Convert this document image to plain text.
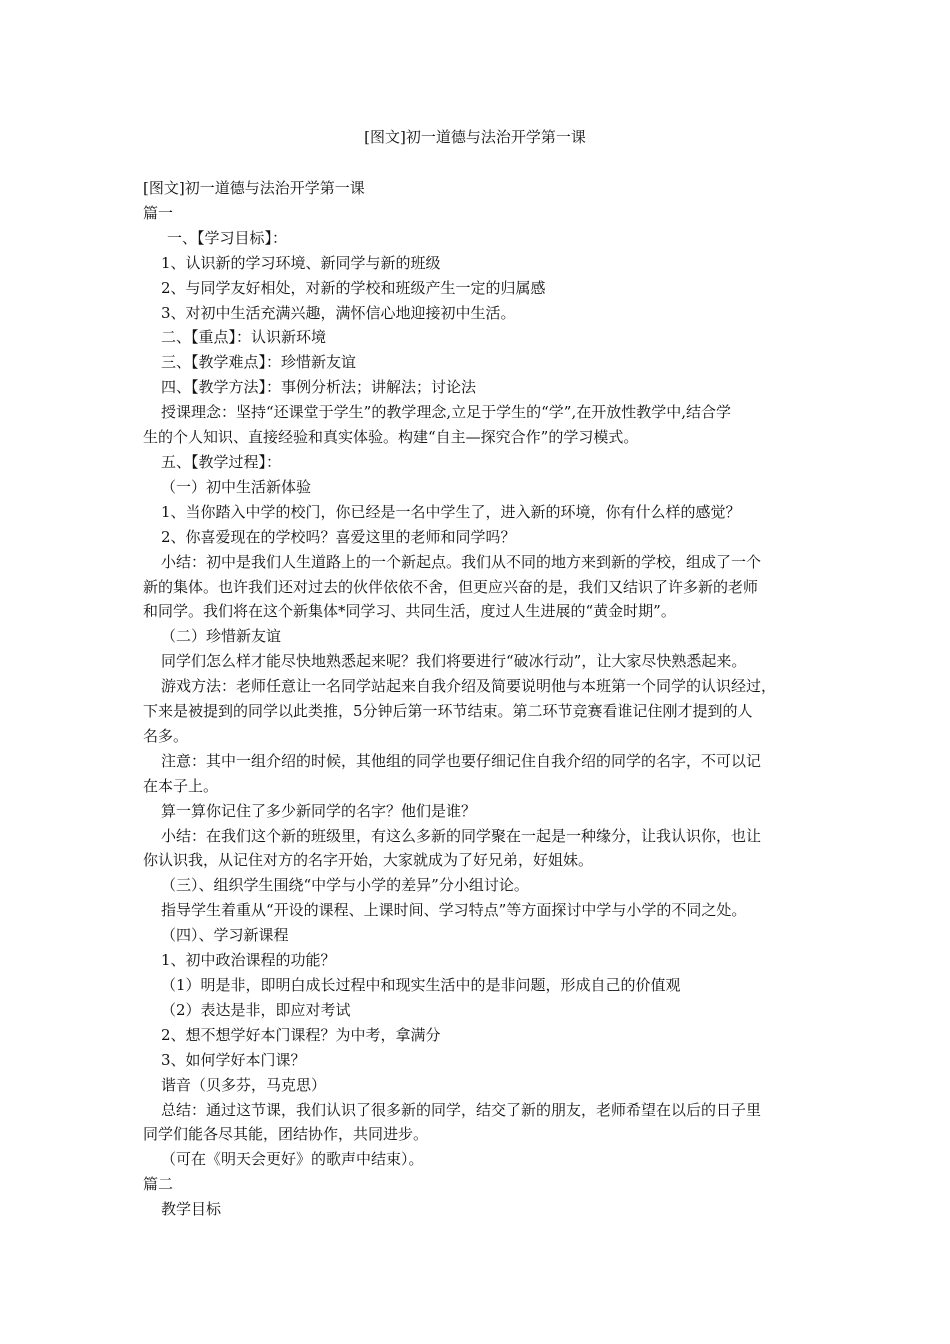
[图文]初一道德与法治开学第一课

[图文]初一道德与法治开学第一课

篇一

一、【学习目标】：

1、认识新的学习环境、新同学与新的班级

2、与同学友好相处，对新的学校和班级产生一定的归属感

3、对初中生活充满兴趣，满怀信心地迎接初中生活。

二、【重点】：认识新环境

三、【教学难点】：珍惜新友谊

四、【教学方法】：事例分析法；讲解法；讨论法

授课理念：坚持“还课堂于学生”的教学理念,立足于学生的“学”,在开放性教学中,结合学

生的个人知识、直接经验和真实体验。构建“自主—探究合作”的学习模式。

五、【教学过程】：

（一）初中生活新体验

1、当你踏入中学的校门，你已经是一名中学生了，进入新的环境，你有什么样的感觉？

2、你喜爱现在的学校吗？喜爱这里的老师和同学吗？

小结：初中是我们人生道路上的一个新起点。我们从不同的地方来到新的学校，组成了一个

新的集体。也许我们还对过去的伙伴依依不舍，但更应兴奋的是，我们又结识了许多新的老师

和同学。我们将在这个新集体*同学习、共同生活，度过人生进展的“黄金时期”。

（二）珍惜新友谊

同学们怎么样才能尽快地熟悉起来呢？我们将要进行“破冰行动”，让大家尽快熟悉起来。

游戏方法：老师任意让一名同学站起来自我介绍及简要说明他与本班第一个同学的认识经过，

下来是被提到的同学以此类推，5分钟后第一环节结束。第二环节竞赛看谁记住刚才提到的人

名多。

注意：其中一组介绍的时候，其他组的同学也要仔细记住自我介绍的同学的名字，不可以记

在本子上。

算一算你记住了多少新同学的名字？他们是谁？

小结：在我们这个新的班级里，有这么多新的同学聚在一起是一种缘分，让我认识你，也让

你认识我，从记住对方的名字开始，大家就成为了好兄弟，好姐妹。

（三）、组织学生围绕“中学与小学的差异”分小组讨论。

指导学生着重从“开设的课程、上课时间、学习特点”等方面探讨中学与小学的不同之处。

（四）、学习新课程

1、初中政治课程的功能？

（1）明是非，即明白成长过程中和现实生活中的是非问题，形成自己的价值观

（2）表达是非，即应对考试

2、想不想学好本门课程？为中考，拿满分

3、如何学好本门课？

谐音（贝多芬，马克思）

总结：通过这节课，我们认识了很多新的同学，结交了新的朋友，老师希望在以后的日子里

同学们能各尽其能，团结协作，共同进步。

（可在《明天会更好》的歌声中结束）。

篇二

教学目标
